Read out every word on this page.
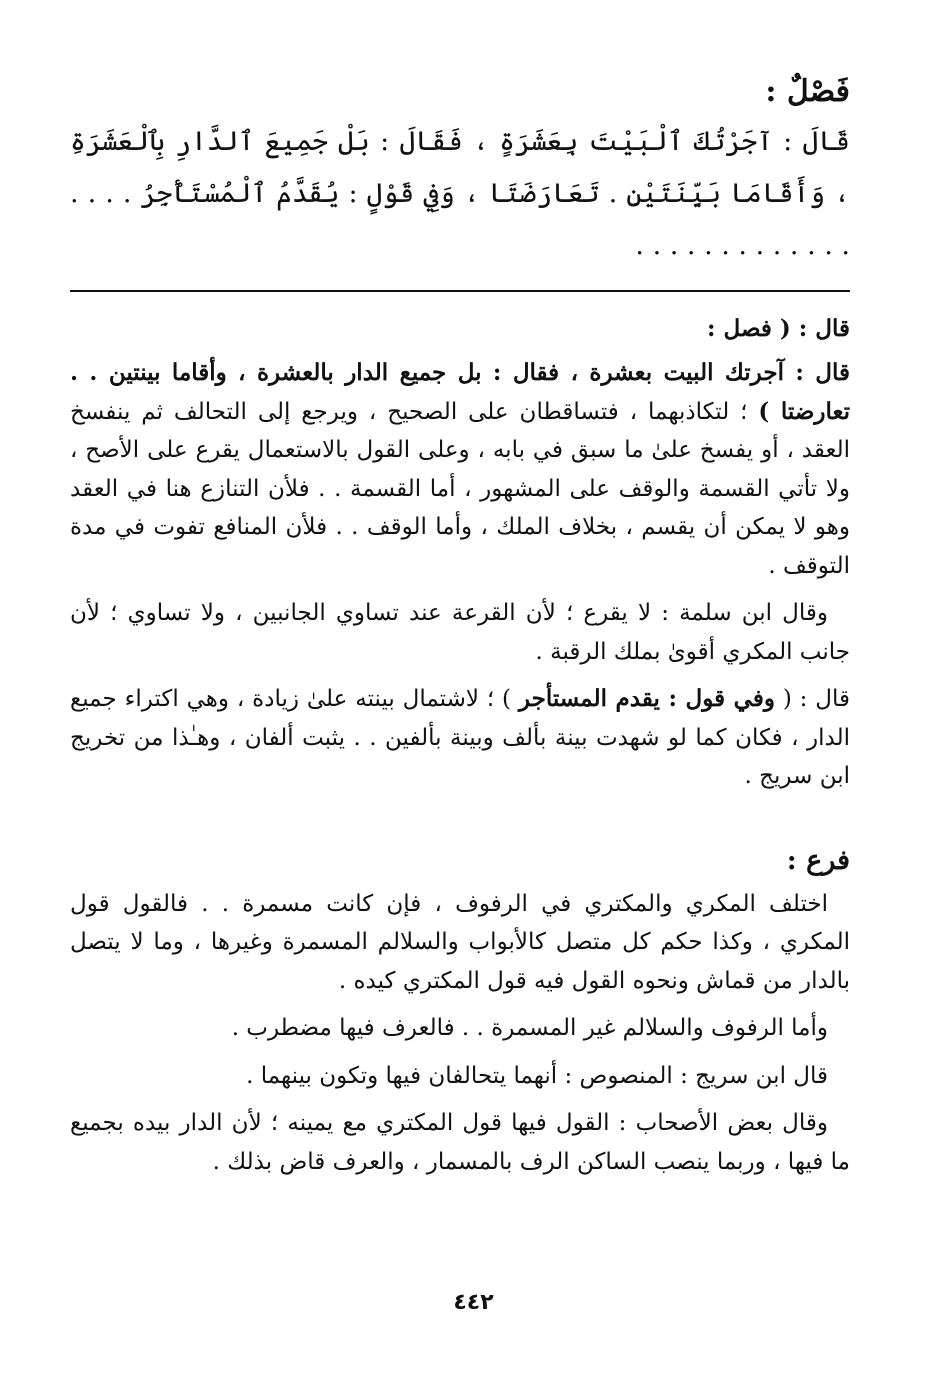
فَصْلٌ :

قَالَ : آجَرْتُكَ ٱلْبَيْتَ بِعَشَرَةٍ ، فَقَالَ : بَلْ جَمِيعَ ٱلدَّارِ بِٱلْعَشَرَةِ ، وَأَقَامَا بَيِّنَتَيْنِ . تَعَارَضَتَا ، وَفِي قَوْلٍ : يُقَدَّمُ ٱلْمُسْتَأْجِرُ . . . . . . . . . . . . . . . . .

قال : ( فصل :

قال : آجرتك البيت بعشرة ، فقال : بل جميع الدار بالعشرة ، وأقاما بينتين . . تعارضتا ) ؛ لتكاذبهما ، فتساقطان على الصحيح ، ويرجع إلى التحالف ثم ينفسخ العقد ، أو يفسخ علىٰ ما سبق في بابه ، وعلى القول بالاستعمال يقرع على الأصح ، ولا تأتي القسمة والوقف على المشهور ، أما القسمة . . فلأن التنازع هنا في العقد وهو لا يمكن أن يقسم ، بخلاف الملك ، وأما الوقف . . فلأن المنافع تفوت في مدة التوقف .

وقال ابن سلمة : لا يقرع ؛ لأن القرعة عند تساوي الجانبين ، ولا تساوي ؛ لأن جانب المكري أقوىٰ بملك الرقبة .

قال : ( وفي قول : يقدم المستأجر ) ؛ لاشتمال بينته علىٰ زيادة ، وهي اكتراء جميع الدار ، فكان كما لو شهدت بينة بألف وبينة بألفين . . يثبت ألفان ، وهـٰذا من تخريج ابن سريج .

فرع :

اختلف المكري والمكتري في الرفوف ، فإن كانت مسمرة . . فالقول قول المكري ، وكذا حكم كل متصل كالأبواب والسلالم المسمرة وغيرها ، وما لا يتصل بالدار من قماش ونحوه القول فيه قول المكتري كيده .

وأما الرفوف والسلالم غير المسمرة . . فالعرف فيها مضطرب .

قال ابن سريج : المنصوص : أنهما يتحالفان فيها وتكون بينهما .

وقال بعض الأصحاب : القول فيها قول المكتري مع يمينه ؛ لأن الدار بيده بجميع ما فيها ، وربما ينصب الساكن الرف بالمسمار ، والعرف قاض بذلك .

٤٤٢
